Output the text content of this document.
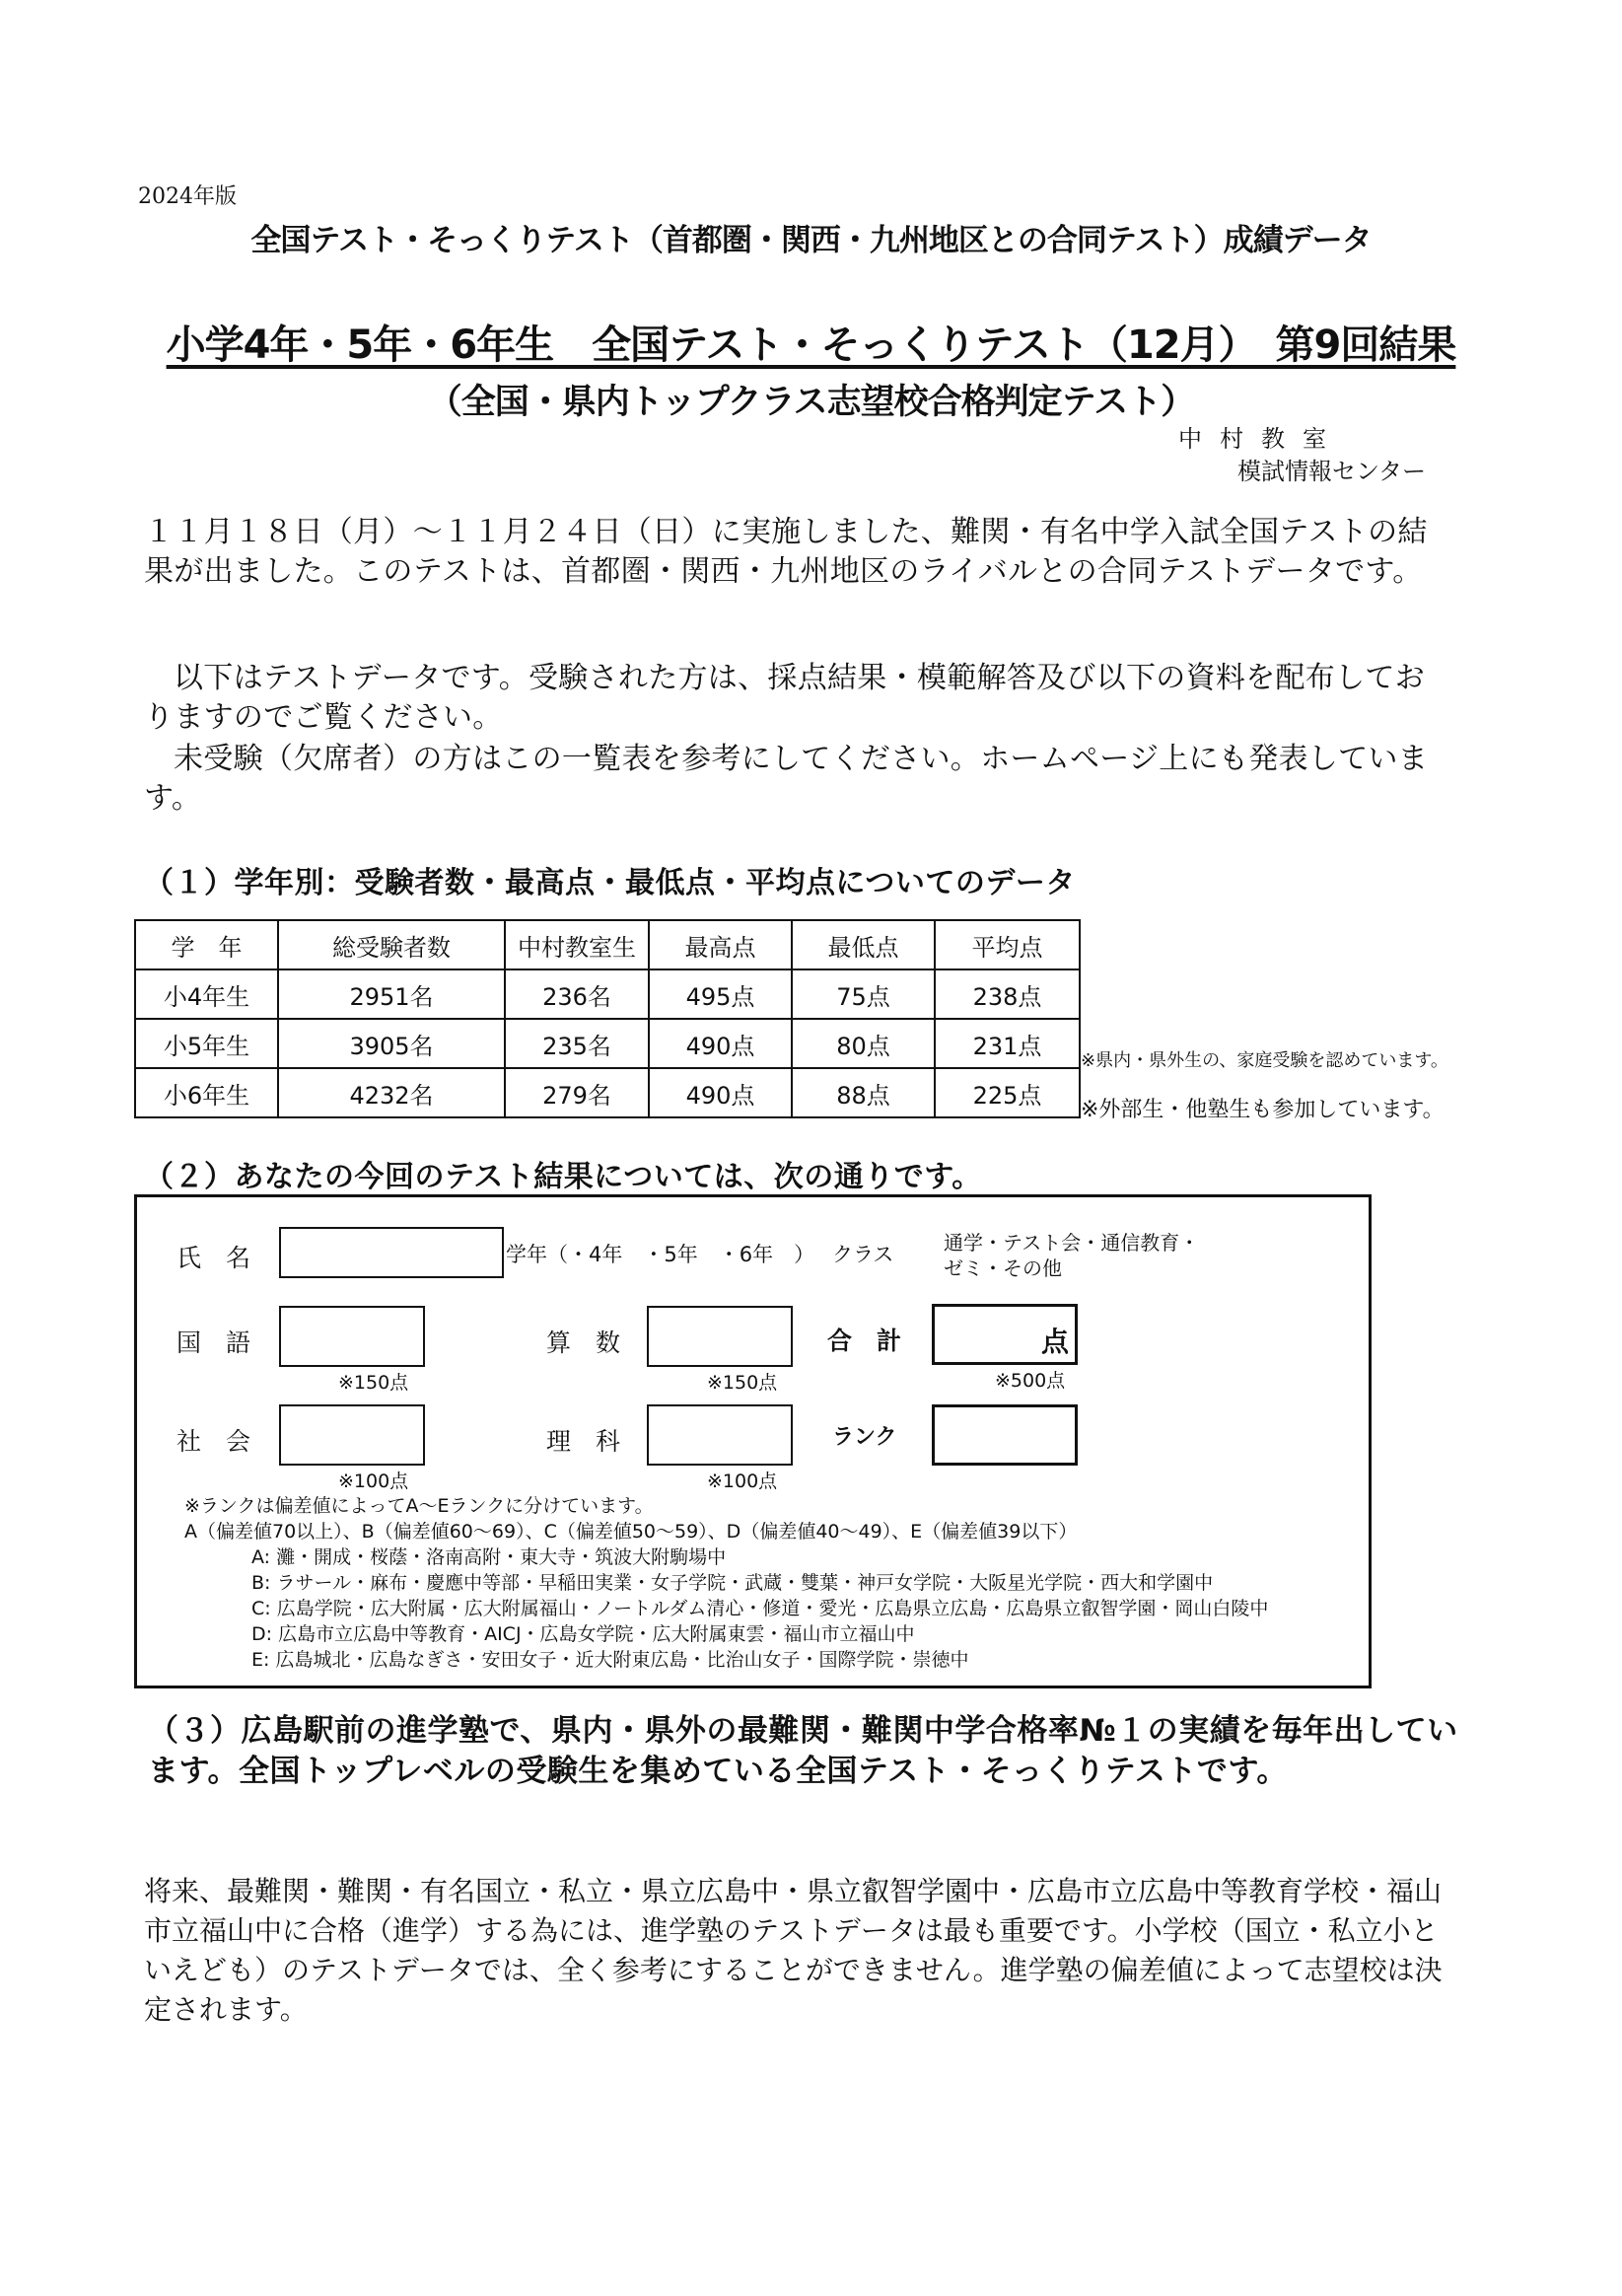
2024年版
全国テスト・そっくりテスト（首都圏・関西・九州地区との合同テスト）成績データ
小学4年・5年・6年生　全国テスト・そっくりテスト（12月）　第9回結果
（全国・県内トップクラス志望校合格判定テスト）
中村教室
模試情報センター
１１月１８日（月）～１１月２４日（日）に実施しました、難関・有名中学入試全国テストの結果が出ました。このテストは、首都圏・関西・九州地区のライバルとの合同テストデータです。
以下はテストデータです。受験された方は、採点結果・模範解答及び以下の資料を配布しておりますのでご覧ください。
未受験（欠席者）の方はこの一覧表を参考にしてください。ホームページ上にも発表しています。
（１）学年別：受験者数・最高点・最低点・平均点についてのデータ
学　年	総受験者数	中村教室生	最高点	最低点	平均点
小4年生	2951名	236名	495点	75点	238点
小5年生	3905名	235名	490点	80点	231点
小6年生	4232名	279名	490点	88点	225点
※県内・県外生の、家庭受験を認めています。
※外部生・他塾生も参加しています。
（２）あなたの今回のテスト結果については、次の通りです。
氏　名	学年（・4年　・5年　・6年　） クラス	通学・テスト会・通信教育・
ゼミ・その他
国　語
※150点
算　数
※150点
合　計	点
※500点
社　会
※100点
理　科
※100点
ランク
※ランクは偏差値によってA～Eランクに分けています。
A（偏差値70以上）、B（偏差値60～69）、C（偏差値50～59）、D（偏差値40～49）、E（偏差値39以下）
A: 灘・開成・桜蔭・洛南高附・東大寺・筑波大附駒場中
B: ラサール・麻布・慶應中等部・早稲田実業・女子学院・武蔵・雙葉・神戸女学院・大阪星光学院・西大和学園中
C: 広島学院・広大附属・広大附属福山・ノートルダム清心・修道・愛光・広島県立広島・広島県立叡智学園・岡山白陵中
D: 広島市立広島中等教育・AICJ・広島女学院・広大附属東雲・福山市立福山中
E: 広島城北・広島なぎさ・安田女子・近大附東広島・比治山女子・国際学院・崇徳中
（３）広島駅前の進学塾で、県内・県外の最難関・難関中学合格率№１の実績を毎年出しています。全国トップレベルの受験生を集めている全国テスト・そっくりテストです。
将来、最難関・難関・有名国立・私立・県立広島中・県立叡智学園中・広島市立広島中等教育学校・福山市立福山中に合格（進学）する為には、進学塾のテストデータは最も重要です。小学校（国立・私立小といえども）のテストデータでは、全く参考にすることができません。進学塾の偏差値によって志望校は決定されます。
